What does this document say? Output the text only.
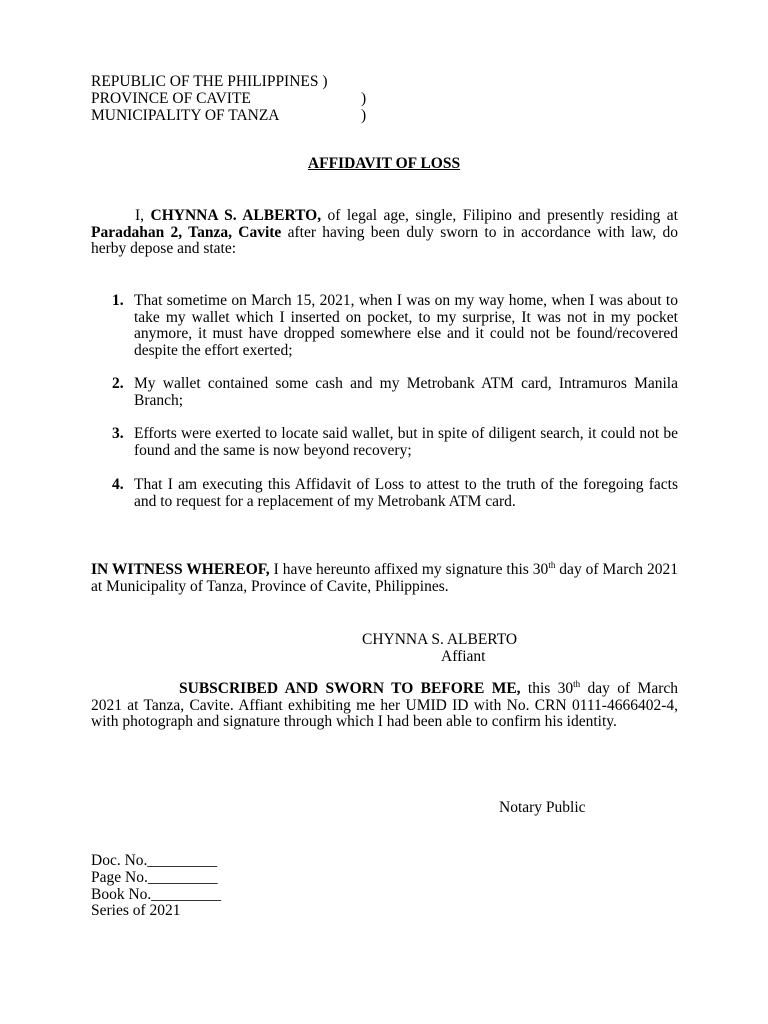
REPUBLIC OF THE PHILIPPINES )
PROVINCE OF CAVITE	)
MUNICIPALITY OF TANZA	)
AFFIDAVIT OF LOSS
I, CHYNNA S. ALBERTO, of legal age, single, Filipino and presently residing at Paradahan 2, Tanza, Cavite after having been duly sworn to in accordance with law, do herby depose and state:
1. That sometime on March 15, 2021, when I was on my way home, when I was about to take my wallet which I inserted on pocket, to my surprise, It was not in my pocket anymore, it must have dropped somewhere else and it could not be found/recovered despite the effort exerted;
2. My wallet contained some cash and my Metrobank ATM card, Intramuros Manila Branch;
3. Efforts were exerted to locate said wallet, but in spite of diligent search, it could not be found and the same is now beyond recovery;
4. That I am executing this Affidavit of Loss to attest to the truth of the foregoing facts and to request for a replacement of my Metrobank ATM card.
IN WITNESS WHEREOF, I have hereunto affixed my signature this 30th day of March 2021 at Municipality of Tanza, Province of Cavite, Philippines.
CHYNNA S. ALBERTO
Affiant
SUBSCRIBED AND SWORN TO BEFORE ME, this 30th day of March 2021 at Tanza, Cavite. Affiant exhibiting me her UMID ID with No. CRN 0111-4666402-4, with photograph and signature through which I had been able to confirm his identity.
Notary Public
Doc. No._________
Page No._________
Book No._________
Series of 2021
